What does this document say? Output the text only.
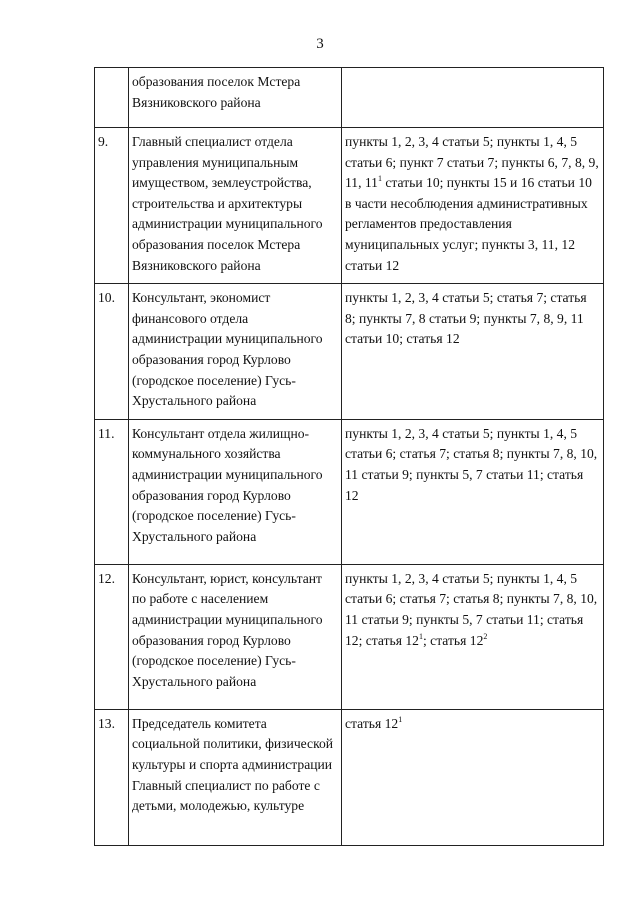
3
	образования поселок Мстера Вязниковского района	
9.	Главный специалист отдела управления муниципальным имуществом, землеустройства, строительства и архитектуры администрации муниципального образования поселок Мстера Вязниковского района	пункты 1, 2, 3, 4 статьи 5; пункты 1, 4, 5 статьи 6; пункт 7 статьи 7; пункты 6, 7, 8, 9, 11, $11^1$ статьи 10; пункты 15 и 16 статьи 10 в части несоблюдения административных регламентов предоставления муниципальных услуг; пункты 3, 11, 12 статьи 12
10.	Консультант, экономист финансового отдела администрации муниципального образования город Курлово (городское поселение) Гусь-Хрустального района	пункты 1, 2, 3, 4 статьи 5; статья 7; статья 8; пункты 7, 8 статьи 9; пункты 7, 8, 9, 11 статьи 10; статья 12
11.	Консультант отдела жилищно-коммунального хозяйства администрации муниципального образования город Курлово (городское поселение) Гусь-Хрустального района	пункты 1, 2, 3, 4 статьи 5; пункты 1, 4, 5 статьи 6; статья 7; статья 8; пункты 7, 8, 10, 11 статьи 9; пункты 5, 7 статьи 11; статья 12
12.	Консультант, юрист, консультант по работе с населением администрации муниципального образования город Курлово (городское поселение) Гусь-Хрустального района	пункты 1, 2, 3, 4 статьи 5; пункты 1, 4, 5 статьи 6; статья 7; статья 8; пункты 7, 8, 10, 11 статьи 9; пункты 5, 7 статьи 11; статья 12; статья $12^1$; статья $12^2$
13.	Председатель комитета социальной политики, физической культуры и спорта администрации Главный специалист по работе с детьми, молодежью, культуре	статья $12^1$
